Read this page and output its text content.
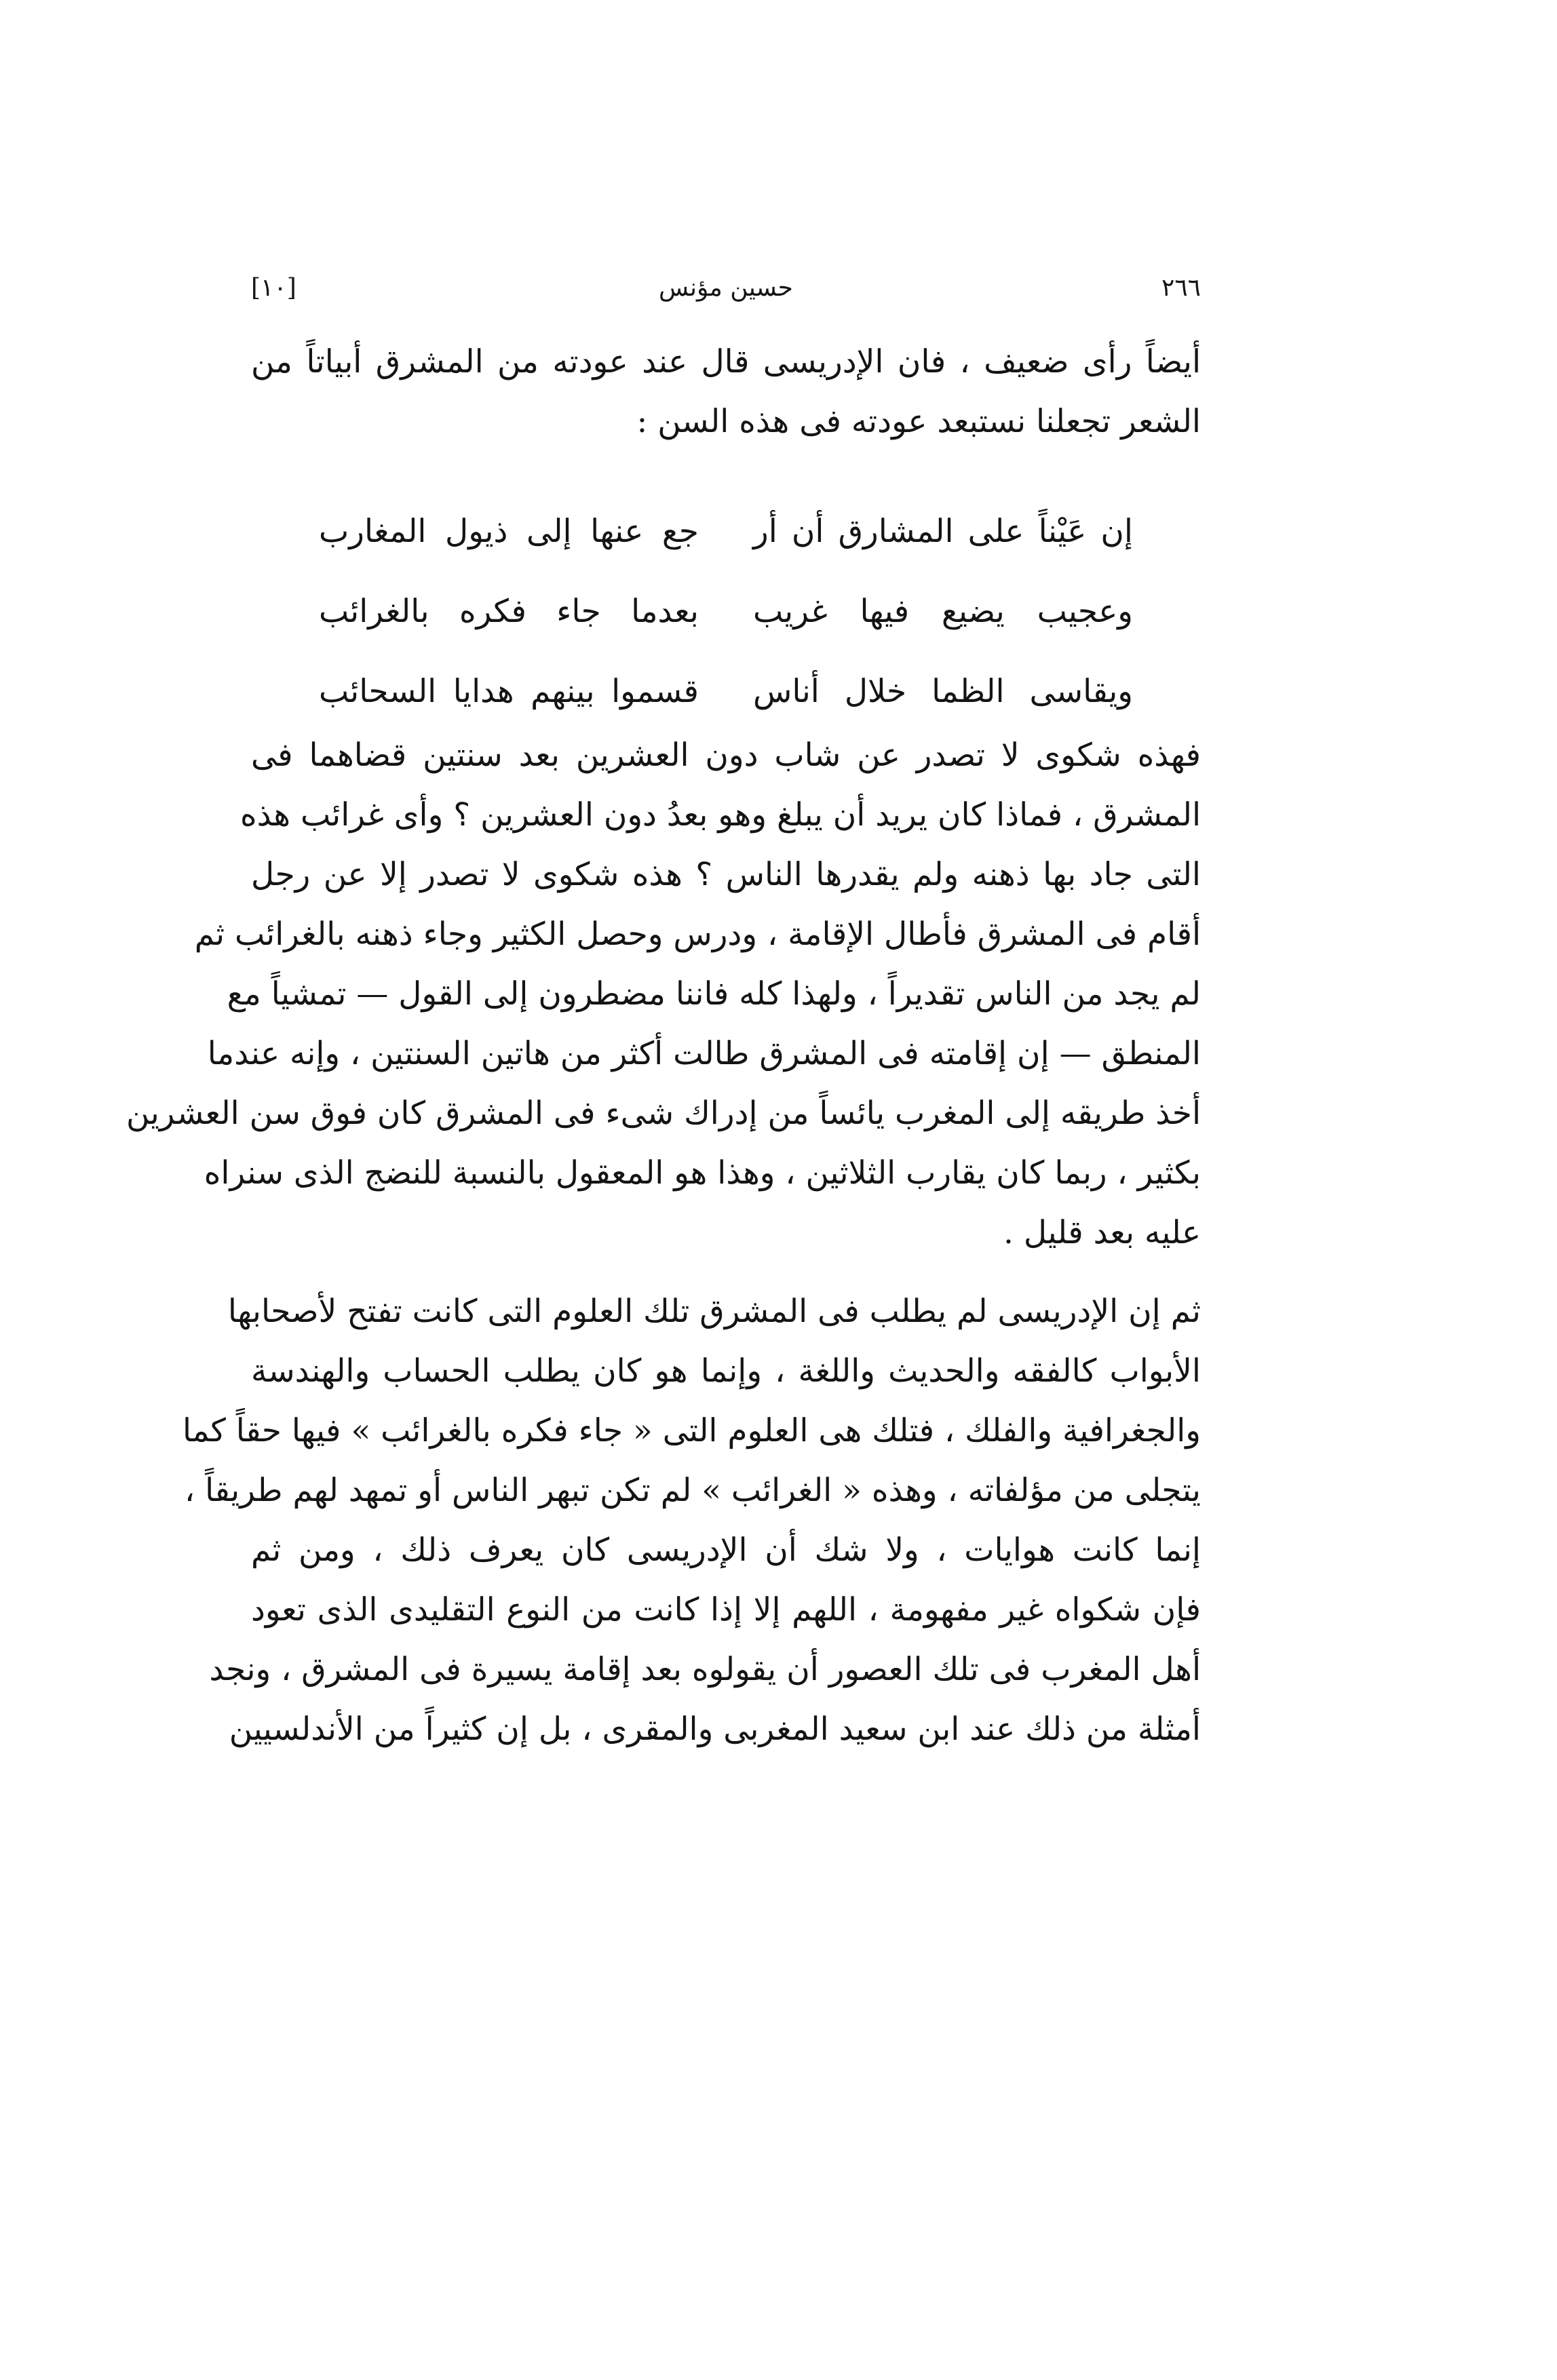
٢٦٦
حسين مؤنس
[١٠]
أيضاً رأى ضعيف ، فان الإدريسى قال عند عودته من المشرق أبياتاً من
الشعر تجعلنا نستبعد عودته فى هذه السن :
إن عَيْناً على المشارق أن أر
جع عنها إلى ذيول المغارب
وعجيب يضيع فيها غريب
بعدما جاء فكره بالغرائب
ويقاسى الظما خلال أناس
قسموا بينهم هدايا السحائب
فهذه شكوى لا تصدر عن شاب دون العشرين بعد سنتين قضاهما فى
المشرق ، فماذا كان يريد أن يبلغ وهو بعدُ دون العشرين ؟ وأى غرائب هذه
التى جاد بها ذهنه ولم يقدرها الناس ؟ هذه شكوى لا تصدر إلا عن رجل
أقام فى المشرق فأطال الإقامة ، ودرس وحصل الكثير وجاء ذهنه بالغرائب ثم
لم يجد من الناس تقديراً ، ولهذا كله فاننا مضطرون إلى القول — تمشياً مع
المنطق — إن إقامته فى المشرق طالت أكثر من هاتين السنتين ، وإنه عندما
أخذ طريقه إلى المغرب يائساً من إدراك شىء فى المشرق كان فوق سن العشرين
بكثير ، ربما كان يقارب الثلاثين ، وهذا هو المعقول بالنسبة للنضج الذى سنراه
عليه بعد قليل .
ثم إن الإدريسى لم يطلب فى المشرق تلك العلوم التى كانت تفتح لأصحابها
الأبواب كالفقه والحديث واللغة ، وإنما هو كان يطلب الحساب والهندسة
والجغرافية والفلك ، فتلك هى العلوم التى « جاء فكره بالغرائب » فيها حقاً كما
يتجلى من مؤلفاته ، وهذه « الغرائب » لم تكن تبهر الناس أو تمهد لهم طريقاً ،
إنما كانت هوايات ، ولا شك أن الإدريسى كان يعرف ذلك ، ومن ثم
فإن شكواه غير مفهومة ، اللهم إلا إذا كانت من النوع التقليدى الذى تعود
أهل المغرب فى تلك العصور أن يقولوه بعد إقامة يسيرة فى المشرق ، ونجد
أمثلة من ذلك عند ابن سعيد المغربى والمقرى ، بل إن كثيراً من الأندلسيين
